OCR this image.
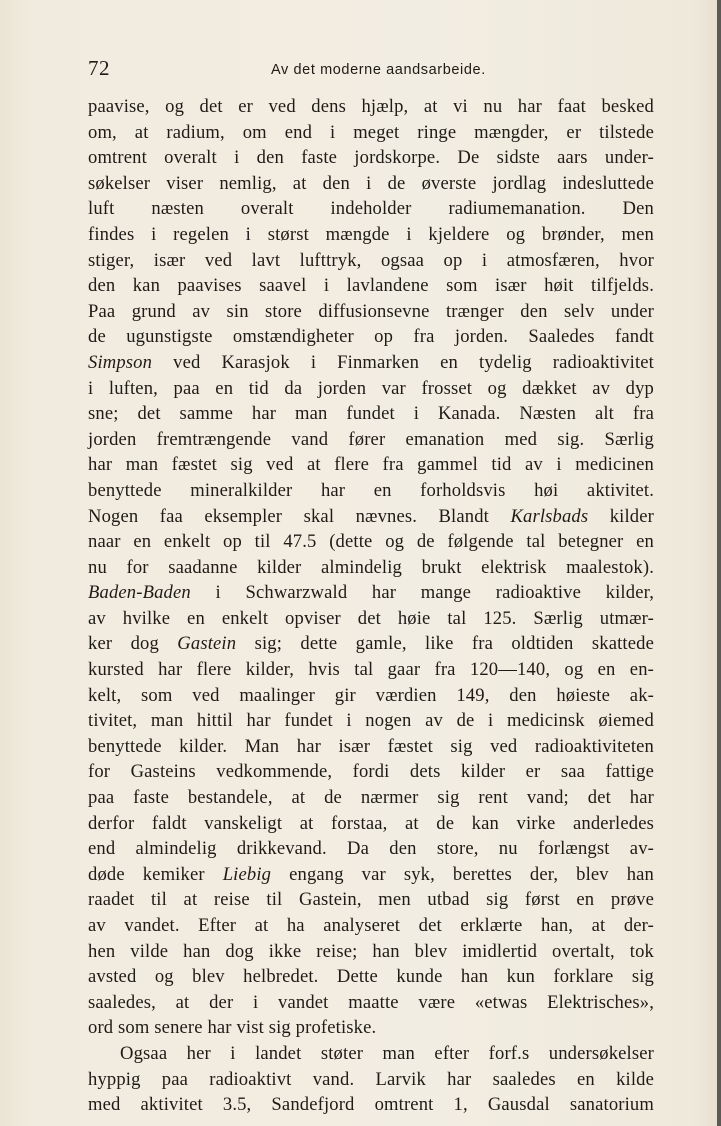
72	Av det moderne aandsarbeide.
paavise, og det er ved dens hjælp, at vi nu har faat besked
om, at radium, om end i meget ringe mængder, er tilstede
omtrent overalt i den faste jordskorpe. De sidste aars under-
søkelser viser nemlig, at den i de øverste jordlag indesluttede
luft næsten overalt indeholder radiumemanation. Den
findes i regelen i størst mængde i kjeldere og brønder, men
stiger, især ved lavt lufttryk, ogsaa op i atmosfæren, hvor
den kan paavises saavel i lavlandene som især høit tilfjelds.
Paa grund av sin store diffusionsevne trænger den selv under
de ugunstigste omstændigheter op fra jorden. Saaledes fandt
Simpson ved Karasjok i Finmarken en tydelig radioaktivitet
i luften, paa en tid da jorden var frosset og dækket av dyp
sne; det samme har man fundet i Kanada. Næsten alt fra
jorden fremtrængende vand fører emanation med sig. Særlig
har man fæstet sig ved at flere fra gammel tid av i medicinen
benyttede mineralkilder har en forholdsvis høi aktivitet.
Nogen faa eksempler skal nævnes. Blandt Karlsbads kilder
naar en enkelt op til 47.5 (dette og de følgende tal betegner en
nu for saadanne kilder almindelig brukt elektrisk maalestok).
Baden-Baden i Schwarzwald har mange radioaktive kilder,
av hvilke en enkelt opviser det høie tal 125. Særlig utmær-
ker dog Gastein sig; dette gamle, like fra oldtiden skattede
kursted har flere kilder, hvis tal gaar fra 120—140, og en en-
kelt, som ved maalinger gir værdien 149, den høieste ak-
tivitet, man hittil har fundet i nogen av de i medicinsk øiemed
benyttede kilder. Man har især fæstet sig ved radioaktiviteten
for Gasteins vedkommende, fordi dets kilder er saa fattige
paa faste bestandele, at de nærmer sig rent vand; det har
derfor faldt vanskeligt at forstaa, at de kan virke anderledes
end almindelig drikkevand. Da den store, nu forlængst av-
døde kemiker Liebig engang var syk, berettes der, blev han
raadet til at reise til Gastein, men utbad sig først en prøve
av vandet. Efter at ha analyseret det erklærte han, at der-
hen vilde han dog ikke reise; han blev imidlertid overtalt, tok
avsted og blev helbredet. Dette kunde han kun forklare sig
saaledes, at der i vandet maatte være «etwas Elektrisches»,
ord som senere har vist sig profetiske.
Ogsaa her i landet støter man efter forf.s undersøkelser
hyppig paa radioaktivt vand. Larvik har saaledes en kilde
med aktivitet 3.5, Sandefjord omtrent 1, Gausdal sanatorium
